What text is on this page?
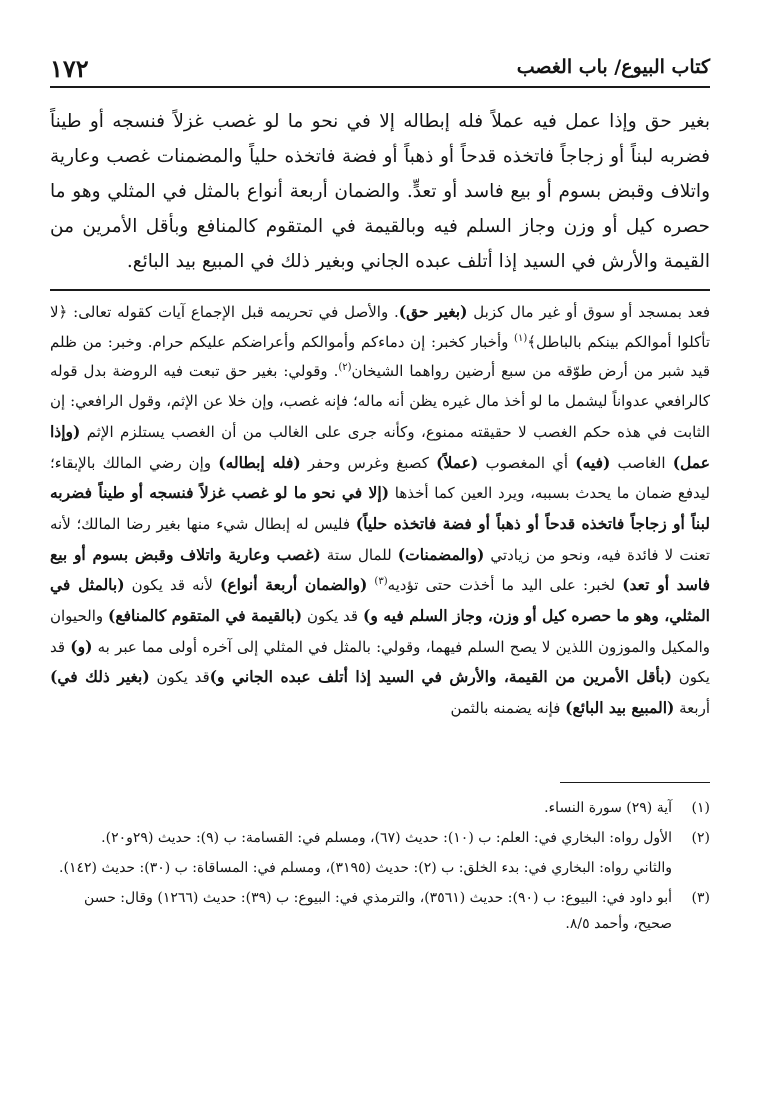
كتاب البيوع/ باب الغصب
١٧٢
بغير حق وإذا عمل فيه عملاً فله إبطاله إلا في نحو ما لو غصب غزلاً فنسجه أو طيناً فضربه لبناً أو زجاجاً فاتخذه قدحاً أو ذهباً أو فضة فاتخذه حلياً والمضمنات غصب وعارية واتلاف وقبض بسوم أو بيع فاسد أو تعدٍّ. والضمان أربعة أنواع بالمثل في المثلي وهو ما حصره كيل أو وزن وجاز السلم فيه وبالقيمة في المتقوم كالمنافع وبأقل الأمرين من القيمة والأرش في السيد إذا أتلف عبده الجاني وبغير ذلك في المبيع بيد البائع.
فعد بمسجد أو سوق أو غير مال كزبل (بغير حق). والأصل في تحريمه قبل الإجماع آيات كقوله تعالى: ﴿لا تأكلوا أموالكم بينكم بالباطل﴾$^{(١)}$ وأخبار كخبر: إن دماءكم وأموالكم وأعراضكم عليكم حرام. وخبر: من ظلم قيد شبر من أرض طوّقه من سبع أرضين رواهما الشيخان$^{(٢)}$. وقولي: بغير حق تبعت فيه الروضة بدل قوله كالرافعي عدواناً ليشمل ما لو أخذ مال غيره يظن أنه ماله؛ فإنه غصب، وإن خلا عن الإثم، وقول الرافعي: إن الثابت في هذه حكم الغصب لا حقيقته ممنوع، وكأنه جرى على الغالب من أن الغصب يستلزم الإثم (وإذا عمل) الغاصب (فيه) أي المغصوب (عملاً) كصبغ وغرس وحفر (فله إبطاله) وإن رضي المالك بالإبقاء؛ ليدفع ضمان ما يحدث بسببه، ويرد العين كما أخذها (إلا في نحو ما لو غصب غزلاً فنسجه أو طيناً فضربه لبناً أو زجاجاً فاتخذه قدحاً أو ذهباً أو فضة فاتخذه حلياً) فليس له إبطال شيء منها بغير رضا المالك؛ لأنه تعنت لا فائدة فيه، ونحو من زيادتي (والمضمنات) للمال ستة (غصب وعارية واتلاف وقبض بسوم أو بيع فاسد أو تعد) لخبر: على اليد ما أخذت حتى تؤديه$^{(٣)}$ (والضمان أربعة أنواع) لأنه قد يكون (بالمثل في المثلي، وهو ما حصره كيل أو وزن، وجاز السلم فيه و) قد يكون (بالقيمة في المتقوم كالمنافع) والحيوان والمكيل والموزون اللذين لا يصح السلم فيهما، وقولي: بالمثل في المثلي إلى آخره أولى مما عبر به (و) قد يكون (بأقل الأمرين من القيمة، والأرش في السيد إذا أتلف عبده الجاني و)قد يكون (بغير ذلك في) أربعة (المبيع بيد البائع) فإنه يضمنه بالثمن
(١)
آية (٢٩) سورة النساء.
(٢)
الأول رواه: البخاري في: العلم: ب (١٠): حديث (٦٧)، ومسلم في: القسامة: ب (٩): حديث (٢٩و٢٠).
والثاني رواه: البخاري في: بدء الخلق: ب (٢): حديث (٣١٩٥)، ومسلم في: المساقاة: ب (٣٠): حديث (١٤٢).
(٣)
أبو داود في: البيوع: ب (٩٠): حديث (٣٥٦١)، والترمذي في: البيوع: ب (٣٩): حديث (١٢٦٦) وقال: حسن صحيح، وأحمد ٨/٥.
